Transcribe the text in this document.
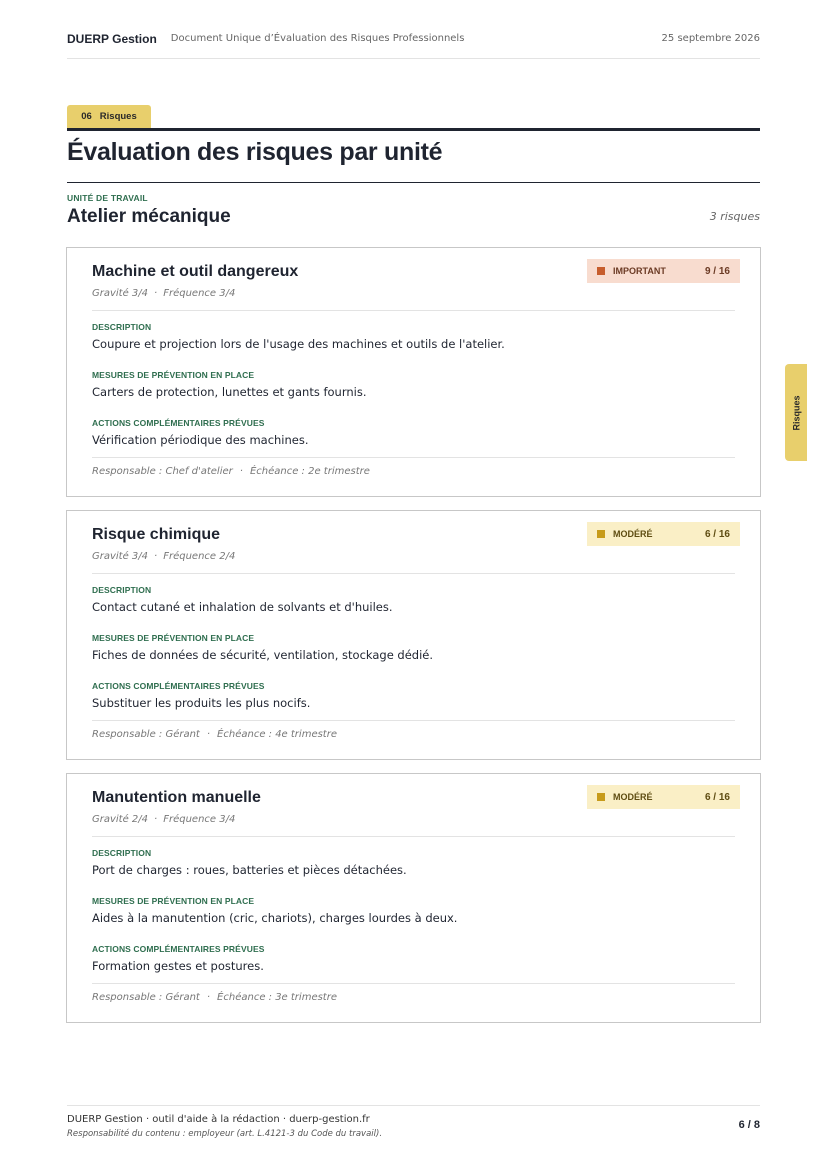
DUERP Gestion Document Unique d’Évaluation des Risques Professionnels	25 septembre 2026
06 Risques
Évaluation des risques par unité
UNITÉ DE TRAVAIL
Atelier mécanique	3 risques
Machine et outil dangereux
Gravité 3/4 · Fréquence 3/4
IMPORTANT	9 / 16
DESCRIPTION
Coupure et projection lors de l'usage des machines et outils de l'atelier.
MESURES DE PRÉVENTION EN PLACE
Carters de protection, lunettes et gants fournis.
ACTIONS COMPLÉMENTAIRES PRÉVUES
Vérification périodique des machines.
Responsable : Chef d'atelier · Échéance : 2e trimestre
Risque chimique
Gravité 3/4 · Fréquence 2/4
MODÉRÉ	6 / 16
DESCRIPTION
Contact cutané et inhalation de solvants et d'huiles.
MESURES DE PRÉVENTION EN PLACE
Fiches de données de sécurité, ventilation, stockage dédié.
ACTIONS COMPLÉMENTAIRES PRÉVUES
Substituer les produits les plus nocifs.
Responsable : Gérant · Échéance : 4e trimestre
Manutention manuelle
Gravité 2/4 · Fréquence 3/4
MODÉRÉ	6 / 16
DESCRIPTION
Port de charges : roues, batteries et pièces détachées.
MESURES DE PRÉVENTION EN PLACE
Aides à la manutention (cric, chariots), charges lourdes à deux.
ACTIONS COMPLÉMENTAIRES PRÉVUES
Formation gestes et postures.
Responsable : Gérant · Échéance : 3e trimestre
Risques
DUERP Gestion · outil d'aide à la rédaction · duerp-gestion.fr
Responsabilité du contenu : employeur (art. L.4121-3 du Code du travail).
6 / 8
